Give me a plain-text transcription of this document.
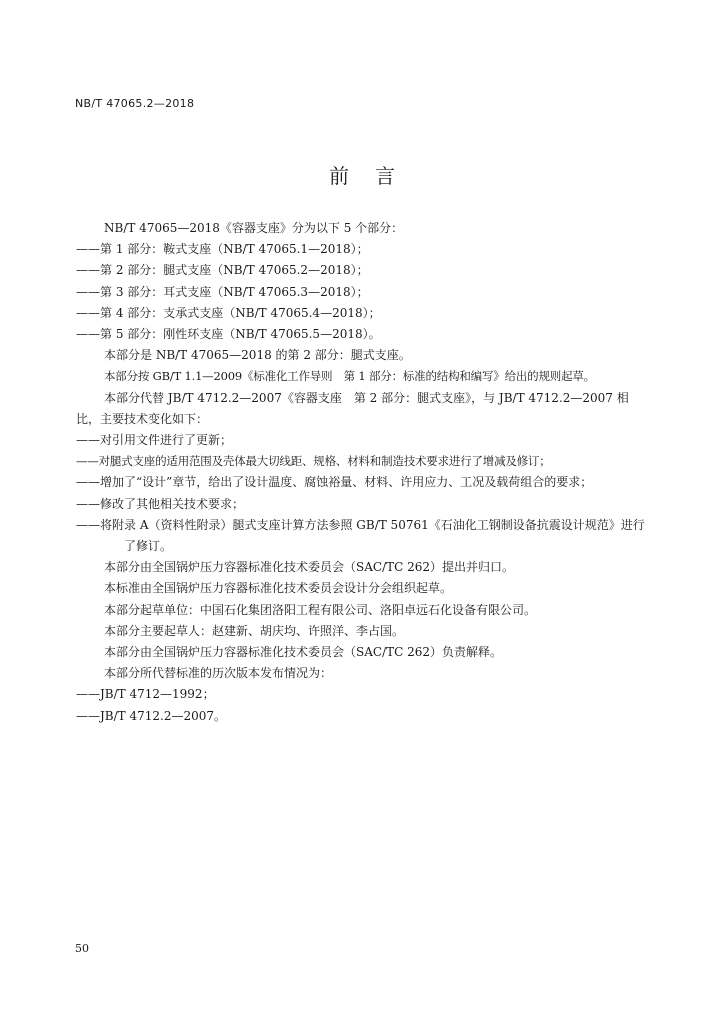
NB/T 47065.2—2018
前言
NB/T 47065—2018《容器支座》分为以下 5 个部分：
——第 1 部分：鞍式支座（NB/T 47065.1—2018）；
——第 2 部分：腿式支座（NB/T 47065.2—2018）；
——第 3 部分：耳式支座（NB/T 47065.3—2018）；
——第 4 部分：支承式支座（NB/T 47065.4—2018）；
——第 5 部分：刚性环支座（NB/T 47065.5—2018）。
本部分是 NB/T 47065—2018 的第 2 部分：腿式支座。
本部分按 GB/T 1.1—2009《标准化工作导则　第 1 部分：标准的结构和编写》给出的规则起草。
本部分代替 JB/T 4712.2—2007《容器支座　第 2 部分：腿式支座》，与 JB/T 4712.2—2007 相比，主要技术变化如下：
——对引用文件进行了更新；
——对腿式支座的适用范围及壳体最大切线距、规格、材料和制造技术要求进行了增减及修订；
——增加了“设计”章节，给出了设计温度、腐蚀裕量、材料、许用应力、工况及载荷组合的要求；
——修改了其他相关技术要求；
——将附录 A（资料性附录）腿式支座计算方法参照 GB/T 50761《石油化工钢制设备抗震设计规范》进行了修订。
本部分由全国锅炉压力容器标准化技术委员会（SAC/TC 262）提出并归口。
本标准由全国锅炉压力容器标准化技术委员会设计分会组织起草。
本部分起草单位：中国石化集团洛阳工程有限公司、洛阳卓远石化设备有限公司。
本部分主要起草人：赵建新、胡庆均、许照洋、李占国。
本部分由全国锅炉压力容器标准化技术委员会（SAC/TC 262）负责解释。
本部分所代替标准的历次版本发布情况为：
——JB/T 4712—1992；
——JB/T 4712.2—2007。
50
